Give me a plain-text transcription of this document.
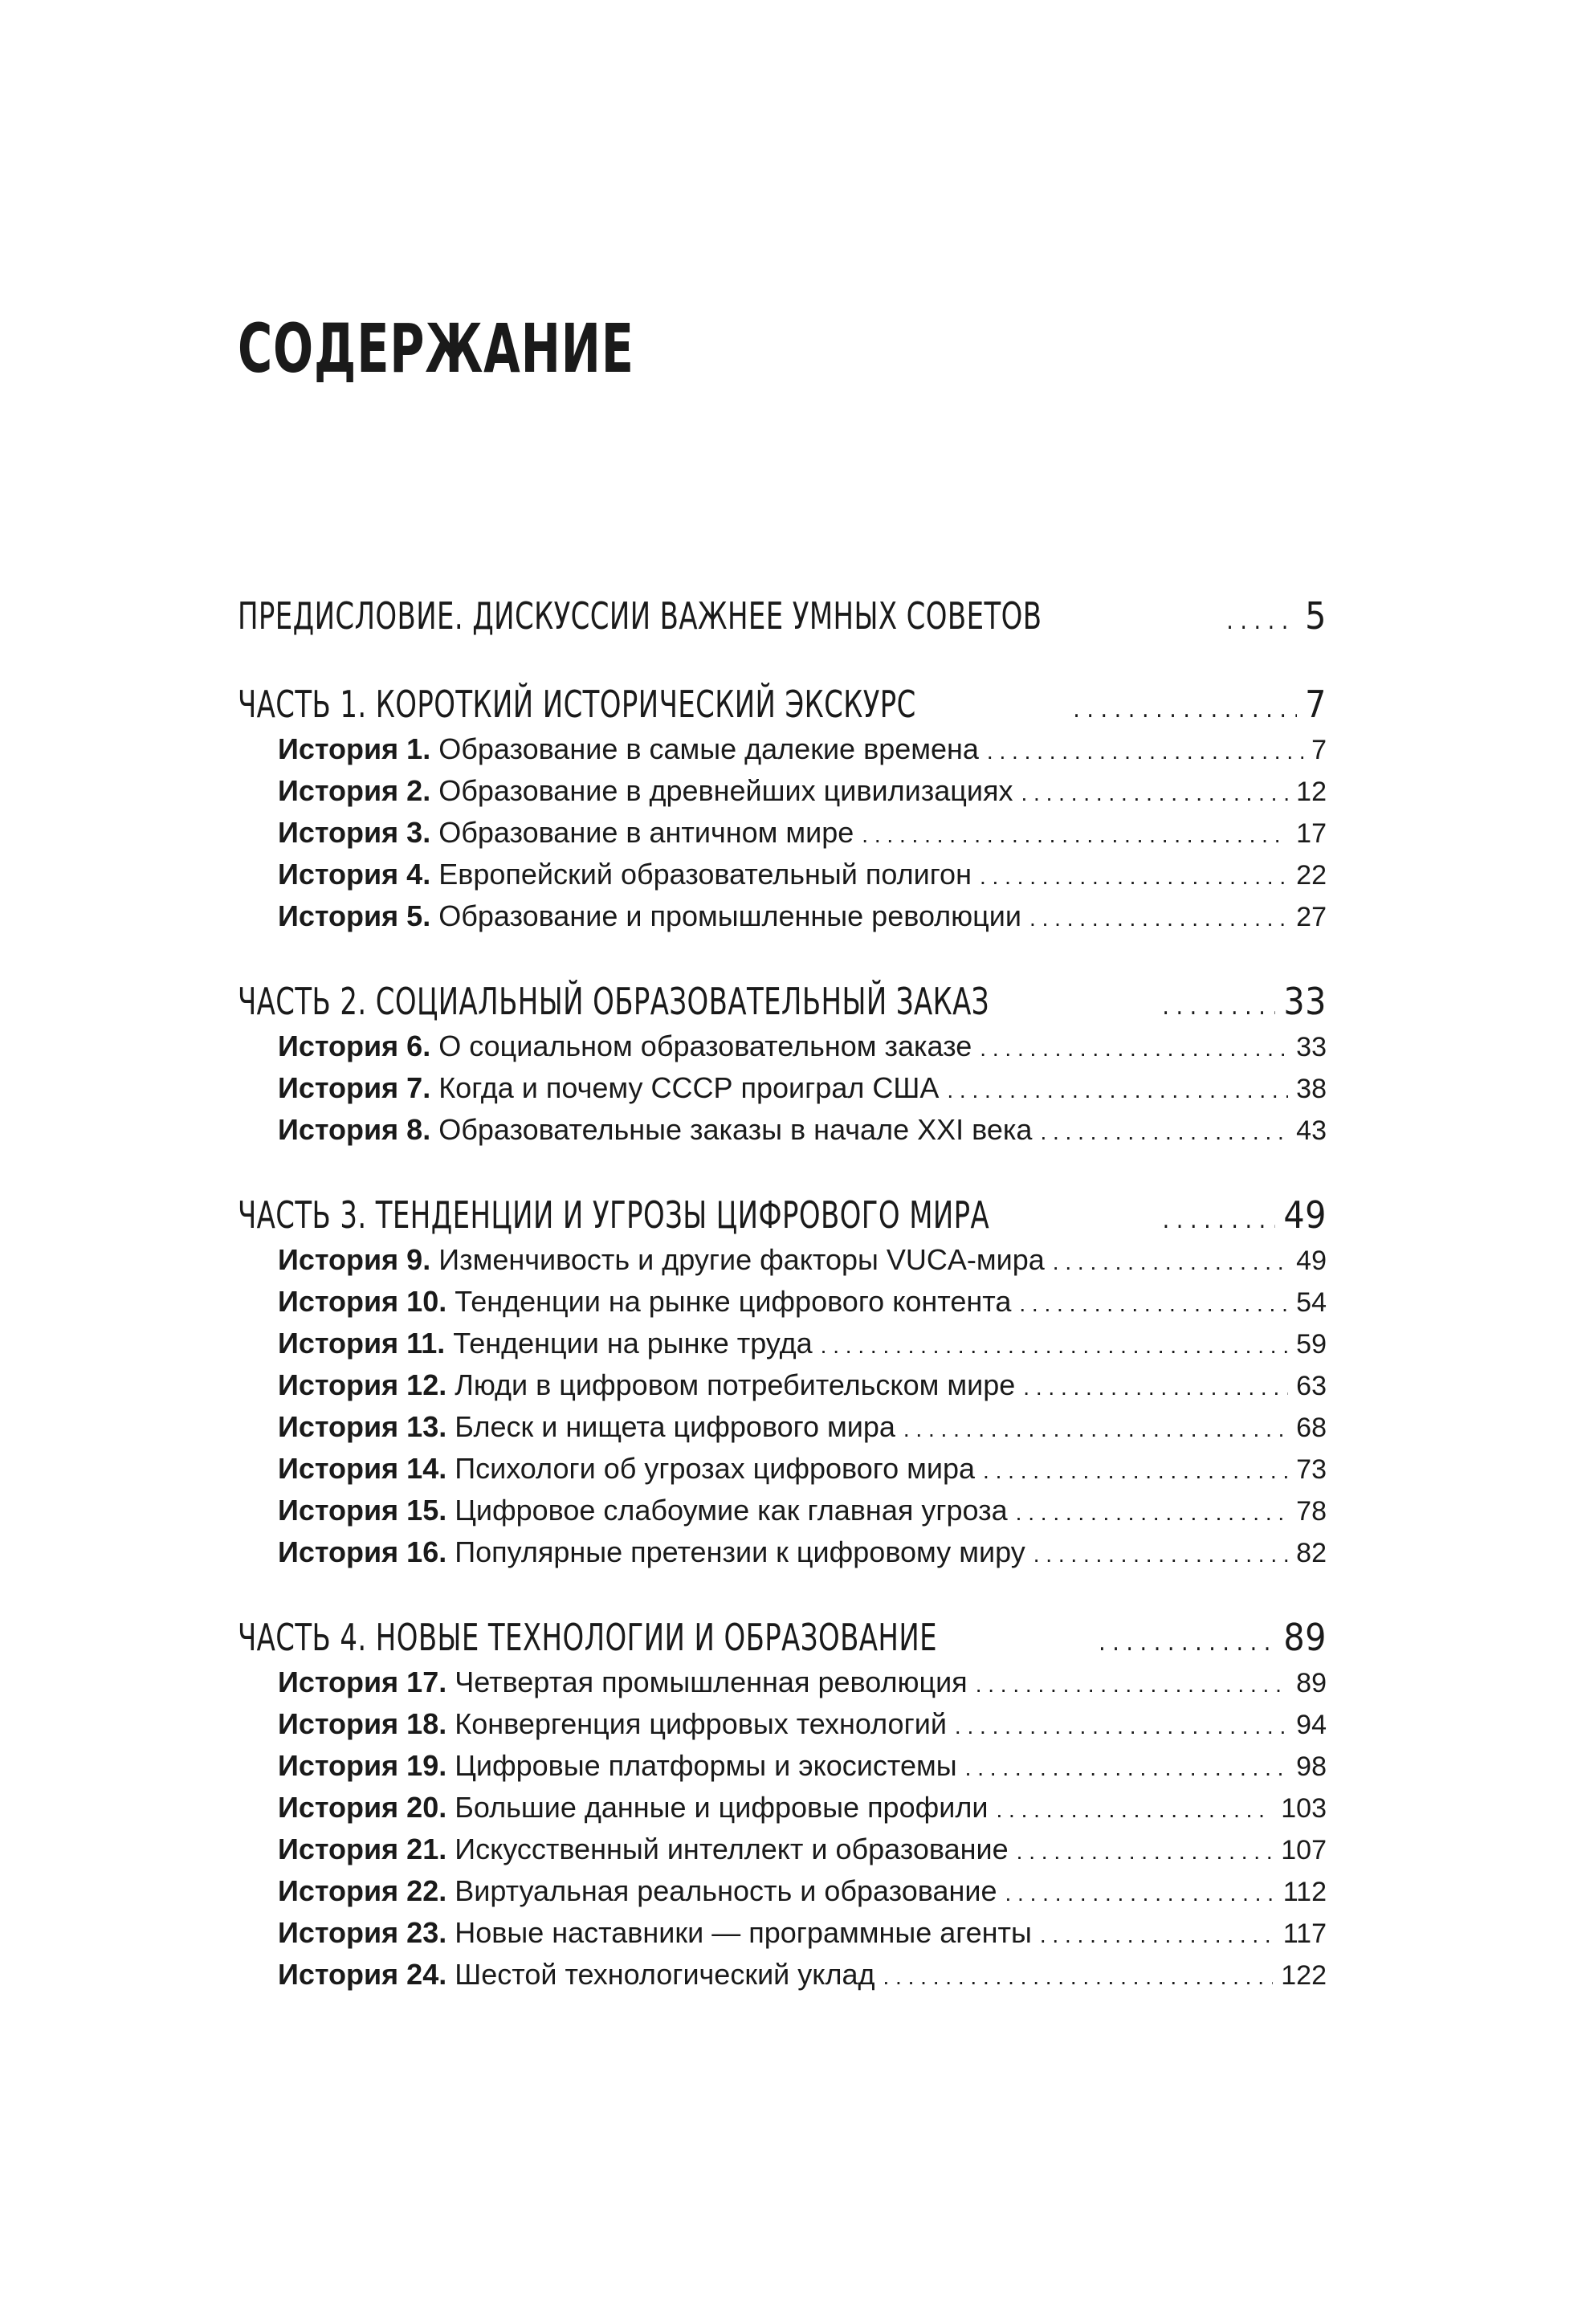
СОДЕРЖАНИЕ
ПРЕДИСЛОВИЕ. ДИСКУССИИ ВАЖНЕЕ УМНЫХ СОВЕТОВ . . .	5
ЧАСТЬ 1. КОРОТКИЙ ИСТОРИЧЕСКИЙ ЭКСКУРС . . .	7
История 1. Образование в самые далекие времена . . .	7
История 2. Образование в древнейших цивилизациях . . .	12
История 3. Образование в античном мире . . .	17
История 4. Европейский образовательный полигон . . .	22
История 5. Образование и промышленные революции . . .	27
ЧАСТЬ 2. СОЦИАЛЬНЫЙ ОБРАЗОВАТЕЛЬНЫЙ ЗАКАЗ . . .	33
История 6. О социальном образовательном заказе . . .	33
История 7. Когда и почему СССР проиграл США . . .	38
История 8. Образовательные заказы в начале XXI века . . .	43
ЧАСТЬ 3. ТЕНДЕНЦИИ И УГРОЗЫ ЦИФРОВОГО МИРА . . .	49
История 9. Изменчивость и другие факторы VUCA-мира . . .	49
История 10. Тенденции на рынке цифрового контента . . .	54
История 11. Тенденции на рынке труда . . .	59
История 12. Люди в цифровом потребительском мире . . .	63
История 13. Блеск и нищета цифрового мира . . .	68
История 14. Психологи об угрозах цифрового мира . . .	73
История 15. Цифровое слабоумие как главная угроза . . .	78
История 16. Популярные претензии к цифровому миру . . .	82
ЧАСТЬ 4. НОВЫЕ ТЕХНОЛОГИИ И ОБРАЗОВАНИЕ . . .	89
История 17. Четвертая промышленная революция . . .	89
История 18. Конвергенция цифровых технологий . . .	94
История 19. Цифровые платформы и экосистемы . . .	98
История 20. Большие данные и цифровые профили . . .	103
История 21. Искусственный интеллект и образование . . .	107
История 22. Виртуальная реальность и образование . . .	112
История 23. Новые наставники — программные агенты . . .	117
История 24. Шестой технологический уклад . . .	122
